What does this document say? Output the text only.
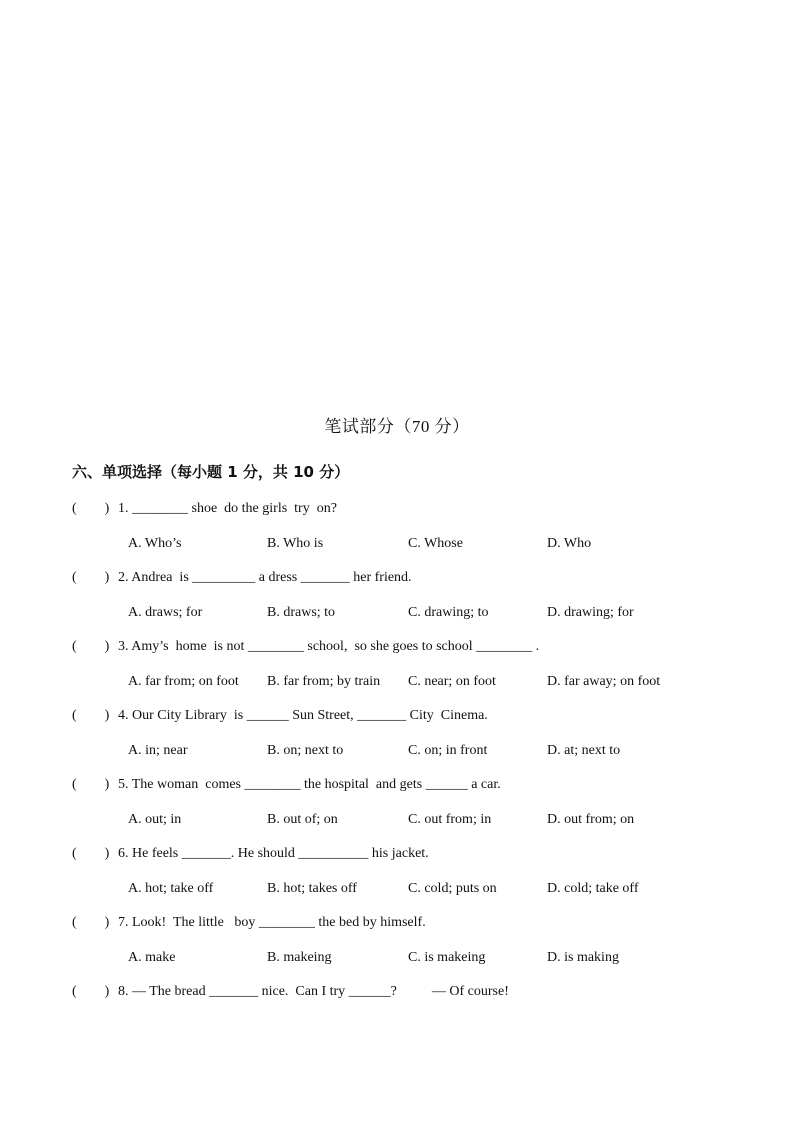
笔试部分（70 分）
六、单项选择（每小题 1 分，共 10 分）
(        ) 1. ________ shoe  do the girls  try  on?
A. Who’s	B. Who is	C. Whose	D. Who
(        ) 2. Andrea  is _________ a dress _______ her friend.
A. draws; for	B. draws; to	C. drawing; to	D. drawing; for
(        ) 3. Amy’s  home  is not ________ school,  so she goes to school ________ .
A. far from; on foot B. far from; by train C. near; on foot	D. far away; on foot
(        ) 4. Our City Library  is ______ Sun Street, _______ City  Cinema.
A. in; near	B. on; next to	C. on; in front	D. at; next to
(        ) 5. The woman  comes ________ the hospital  and gets ______ a car.
A. out; in	B. out of; on	C. out from; in	D. out from; on
(        ) 6. He feels _______. He should __________ his jacket.
A. hot; take off	B. hot; takes off	C. cold; puts on	D. cold; take off
(        ) 7. Look!  The little   boy ________ the bed by himself.
A. make	B. makeing	C. is makeing	D. is making
(        ) 8. — The bread _______ nice.  Can I try ______?          — Of course!
